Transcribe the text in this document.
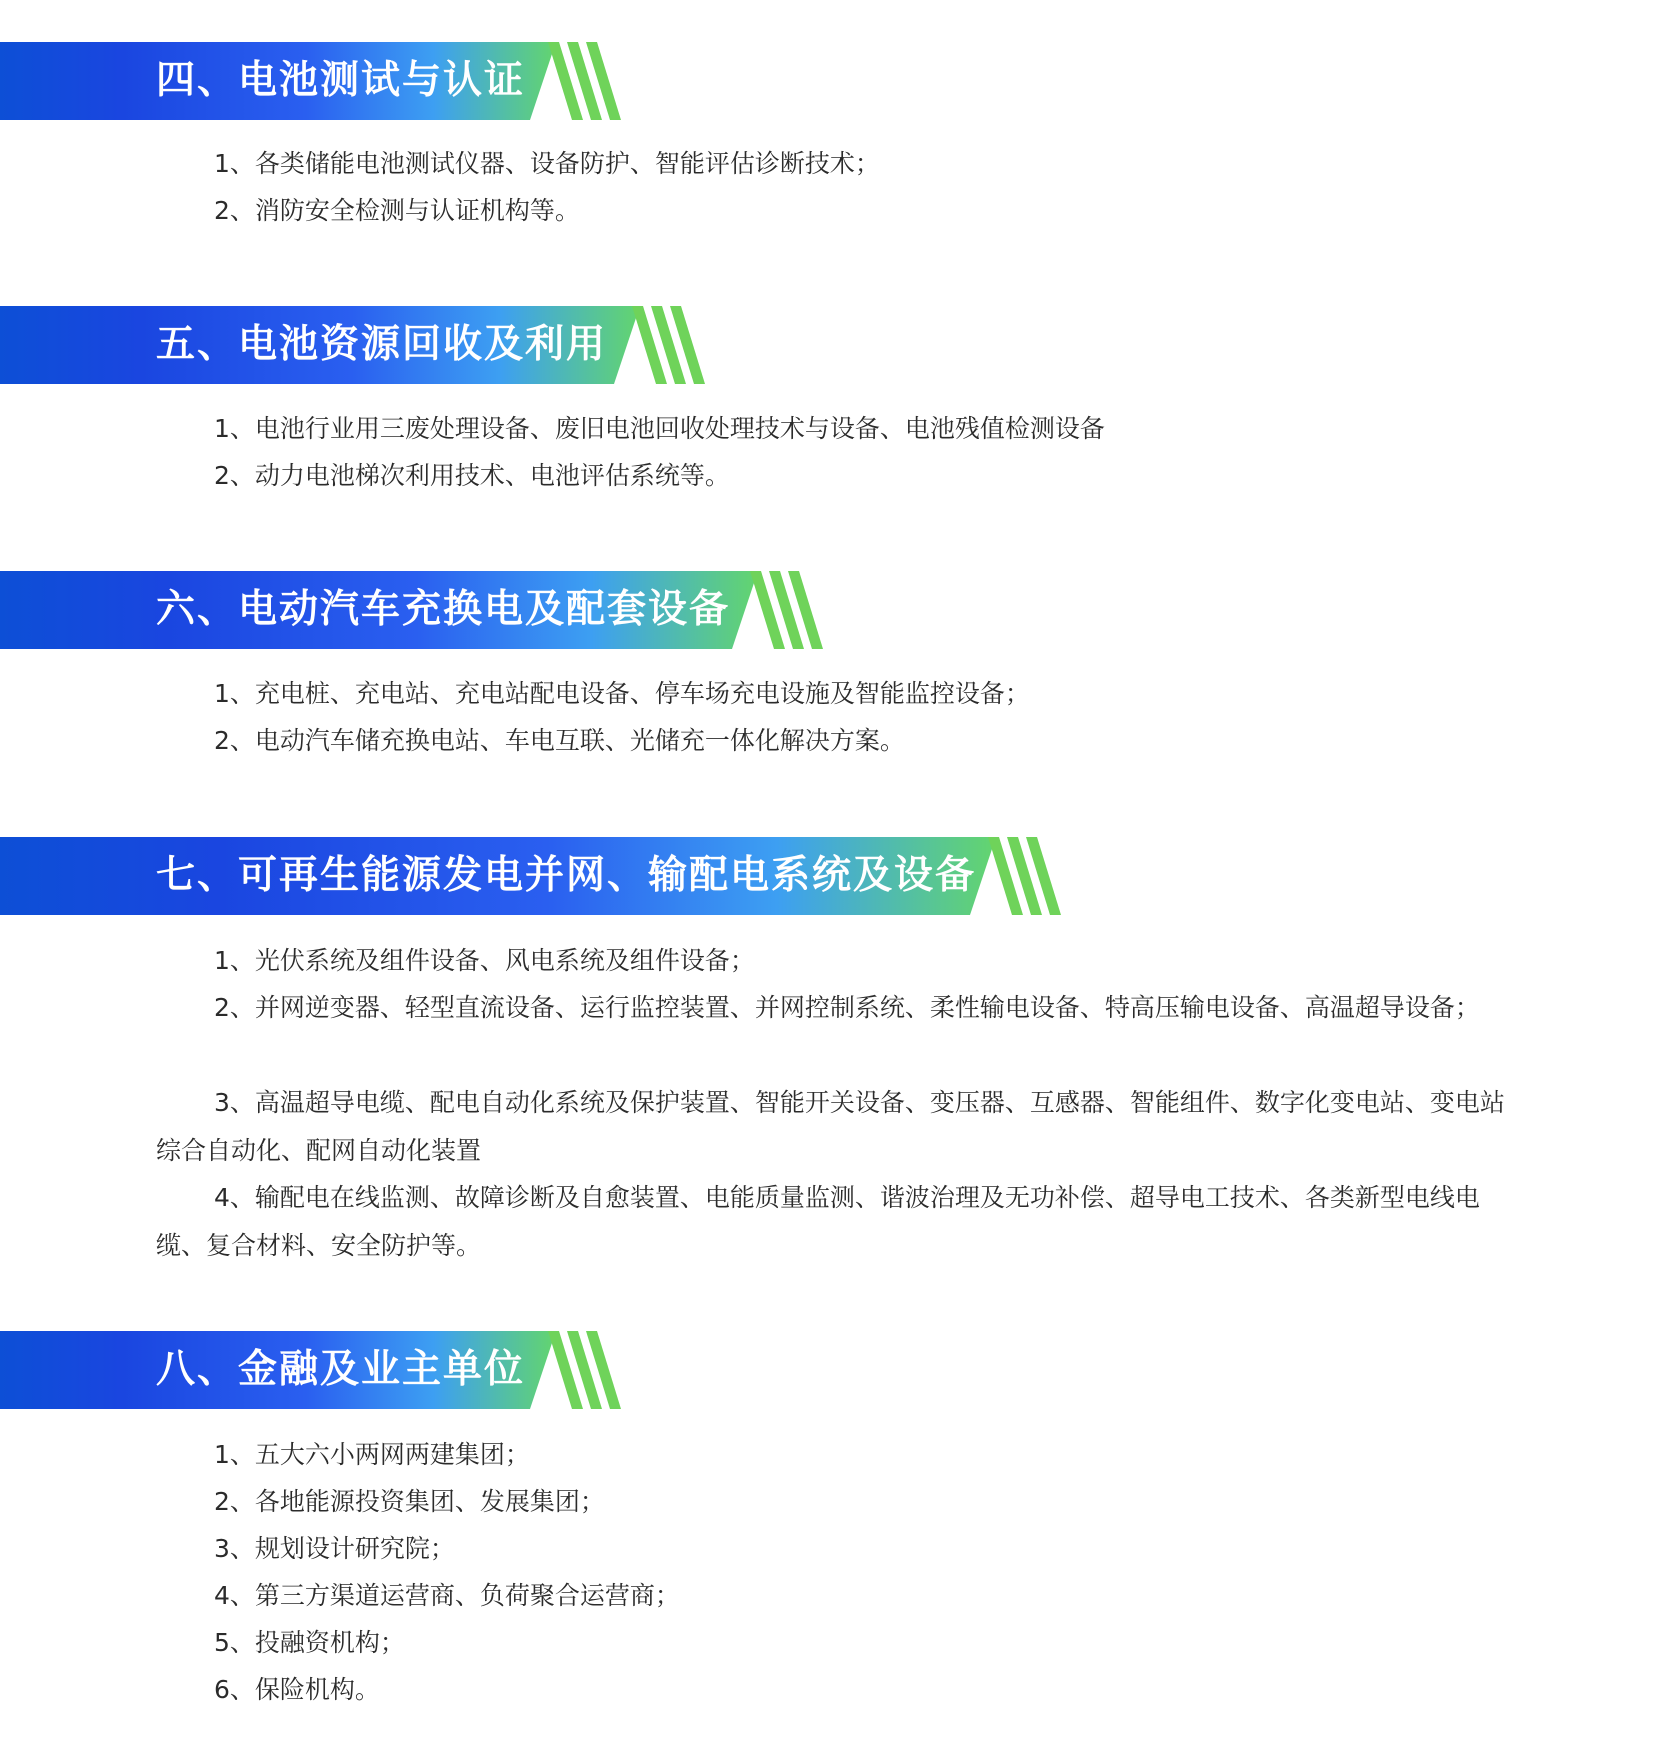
四、电池测试与认证
1、各类储能电池测试仪器、设备防护、智能评估诊断技术；
2、消防安全检测与认证机构等。
五、电池资源回收及利用
1、电池行业用三废处理设备、废旧电池回收处理技术与设备、电池残值检测设备
2、动力电池梯次利用技术、电池评估系统等。
六、电动汽车充换电及配套设备
1、充电桩、充电站、充电站配电设备、停车场充电设施及智能监控设备；
2、电动汽车储充换电站、车电互联、光储充一体化解决方案。
七、可再生能源发电并网、输配电系统及设备
1、光伏系统及组件设备、风电系统及组件设备；
2、并网逆变器、轻型直流设备、运行监控装置、并网控制系统、柔性输电设备、特高压输电设备、高温超导设备；
3、高温超导电缆、配电自动化系统及保护装置、智能开关设备、变压器、互感器、智能组件、数字化变电站、变电站综合自动化、配网自动化装置
4、输配电在线监测、故障诊断及自愈装置、电能质量监测、谐波治理及无功补偿、超导电工技术、各类新型电线电缆、复合材料、安全防护等。
八、金融及业主单位
1、五大六小两网两建集团；
2、各地能源投资集团、发展集团；
3、规划设计研究院；
4、第三方渠道运营商、负荷聚合运营商；
5、投融资机构；
6、保险机构。
